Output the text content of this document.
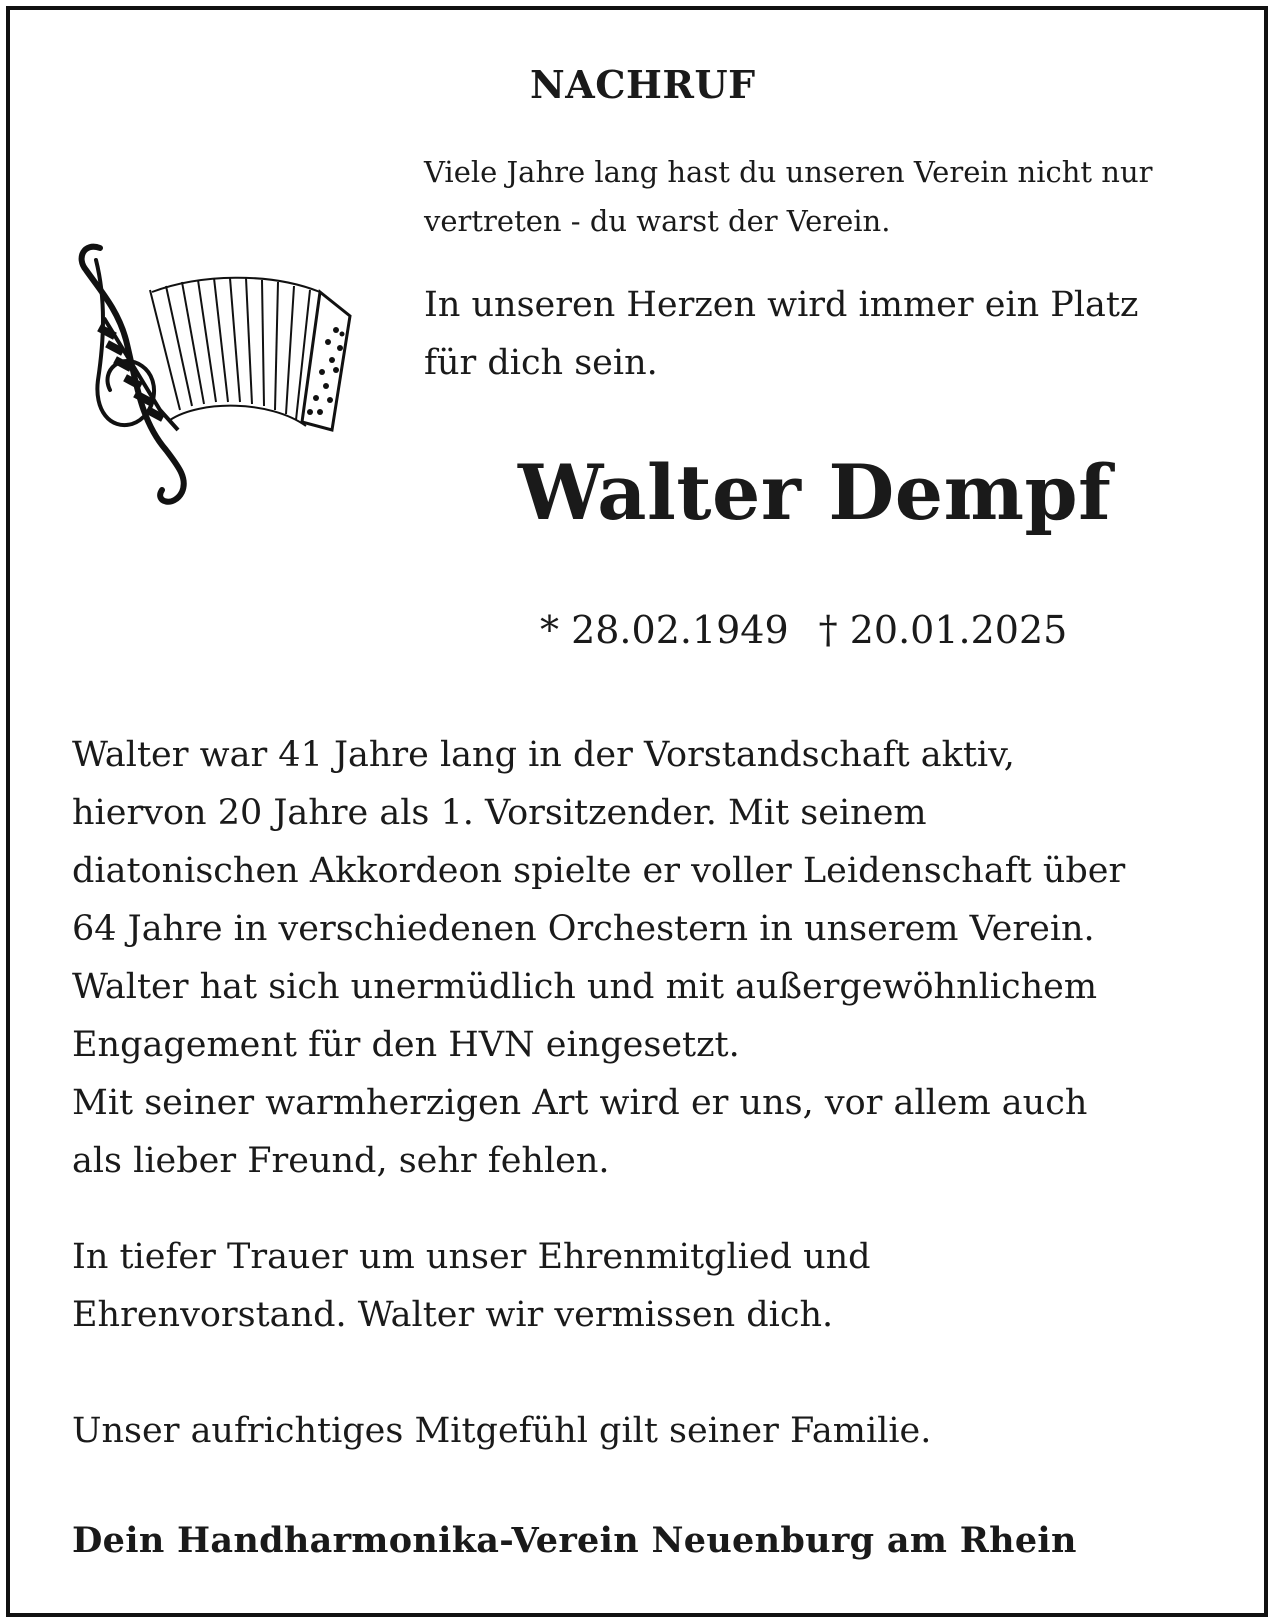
NACHRUF
Viele Jahre lang hast du unseren Verein nicht nur
vertreten - du warst der Verein.
In unseren Herzen wird immer ein Platz
für dich sein.
Walter Dempf
* 28.02.1949 † 20.01.2025
Walter war 41 Jahre lang in der Vorstandschaft aktiv,
hiervon 20 Jahre als 1. Vorsitzender. Mit seinem
diatonischen Akkordeon spielte er voller Leidenschaft über
64 Jahre in verschiedenen Orchestern in unserem Verein.
Walter hat sich unermüdlich und mit außergewöhnlichem
Engagement für den HVN eingesetzt.
Mit seiner warmherzigen Art wird er uns, vor allem auch
als lieber Freund, sehr fehlen.
In tiefer Trauer um unser Ehrenmitglied und
Ehrenvorstand. Walter wir vermissen dich.
Unser aufrichtiges Mitgefühl gilt seiner Familie.
Dein Handharmonika-Verein Neuenburg am Rhein
